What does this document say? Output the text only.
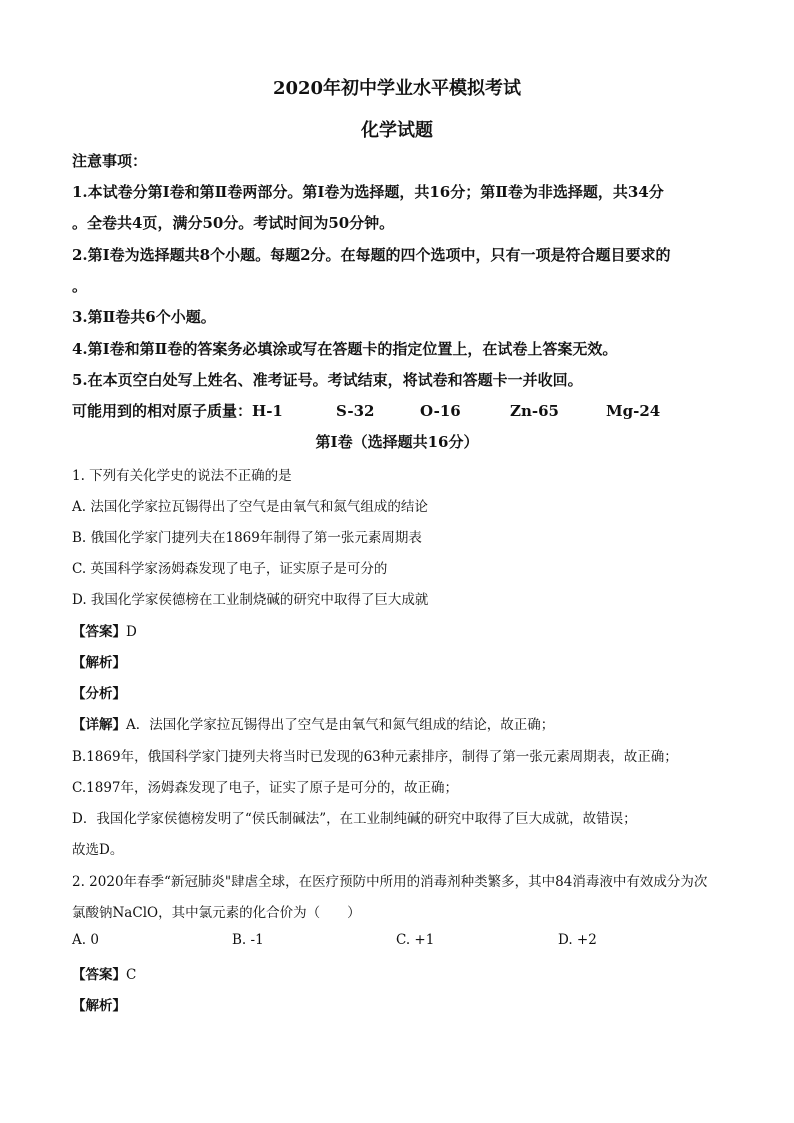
2020年初中学业水平模拟考试
化学试题
注意事项：
1.本试卷分第Ⅰ卷和第Ⅱ卷两部分。第Ⅰ卷为选择题，共16分；第Ⅱ卷为非选择题，共34分
。全卷共4页，满分50分。考试时间为50分钟。
2.第Ⅰ卷为选择题共8个小题。每题2分。在每题的四个选项中，只有一项是符合题目要求的
。
3.第Ⅱ卷共6个小题。
4.第Ⅰ卷和第Ⅱ卷的答案务必填涂或写在答题卡的指定位置上，在试卷上答案无效。
5.在本页空白处写上姓名、准考证号。考试结束，将试卷和答题卡一并收回。
可能用到的相对原子质量：H-1	S-32	O-16	Zn-65	Mg-24
第Ⅰ卷（选择题共16分）
1. 下列有关化学史的说法不正确的是
A. 法国化学家拉瓦锡得出了空气是由氧气和氮气组成的结论
B. 俄国化学家门捷列夫在1869年制得了第一张元素周期表
C. 英国科学家汤姆森发现了电子，证实原子是可分的
D. 我国化学家侯德榜在工业制烧碱的研究中取得了巨大成就
【答案】D
【解析】
【分析】
【详解】A．法国化学家拉瓦锡得出了空气是由氧气和氮气组成的结论，故正确；
B.1869年，俄国科学家门捷列夫将当时已发现的63种元素排序，制得了第一张元素周期表，故正确；
C.1897年，汤姆森发现了电子，证实了原子是可分的，故正确；
D．我国化学家侯德榜发明了“侯氏制碱法”，在工业制纯碱的研究中取得了巨大成就，故错误；
故选D。
2. 2020年春季“新冠肺炎"肆虐全球，在医疗预防中所用的消毒剂种类繁多，其中84消毒液中有效成分为次
氯酸钠NaClO，其中氯元素的化合价为（　　）
A. 0	B. -1	C. +1	D. +2
【答案】C
【解析】
